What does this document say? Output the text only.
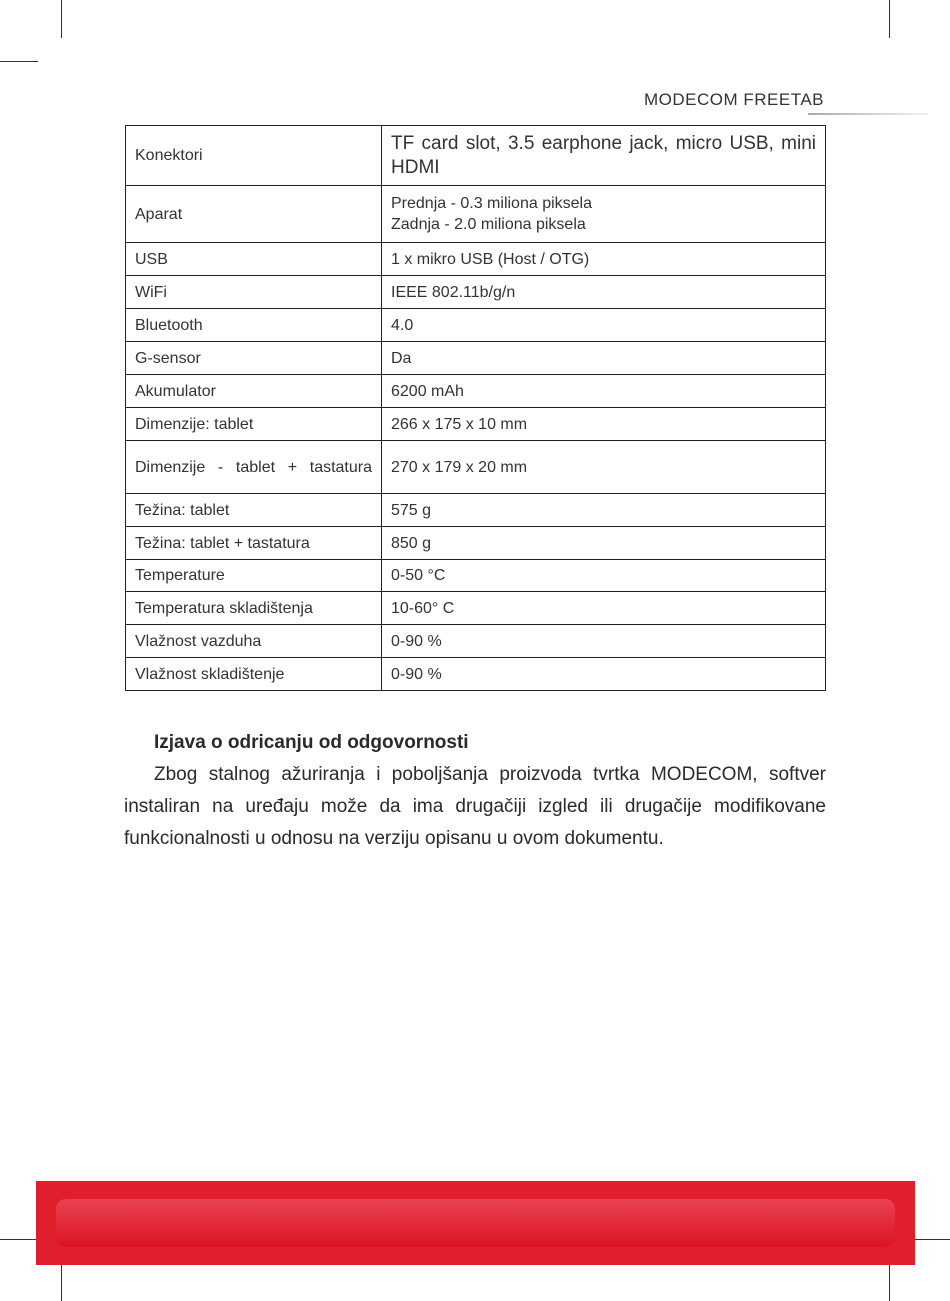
MODECOM FREETAB
Konektori	TF card slot, 3.5 earphone jack, micro USB, mini HDMI

Aparat	Prednja - 0.3 miliona piksela
Zadnja - 2.0 miliona piksela

USB	1 x mikro USB (Host / OTG)
WiFi	IEEE 802.11b/g/n
Bluetooth	4.0
G-sensor	Da
Akumulator	6200 mAh
Dimenzije: tablet	266 x 175 x 10 mm
Dimenzije - tablet + tastatura	270 x 179 x 20 mm
Težina: tablet	575 g
Težina: tablet + tastatura	850 g
Temperature	0-50 °C
Temperatura skladištenja	10-60° C
Vlažnost vazduha	0-90 %
Vlažnost skladištenje	0-90 %
Izjava o odricanju od odgovornosti

Zbog stalnog ažuriranja i poboljšanja proizvoda tvrtka MODECOM, softver instaliran na uređaju može da ima drugačiji izgled ili drugačije modifikovane funkcionalnosti u odnosu na verziju opisanu u ovom dokumentu.
